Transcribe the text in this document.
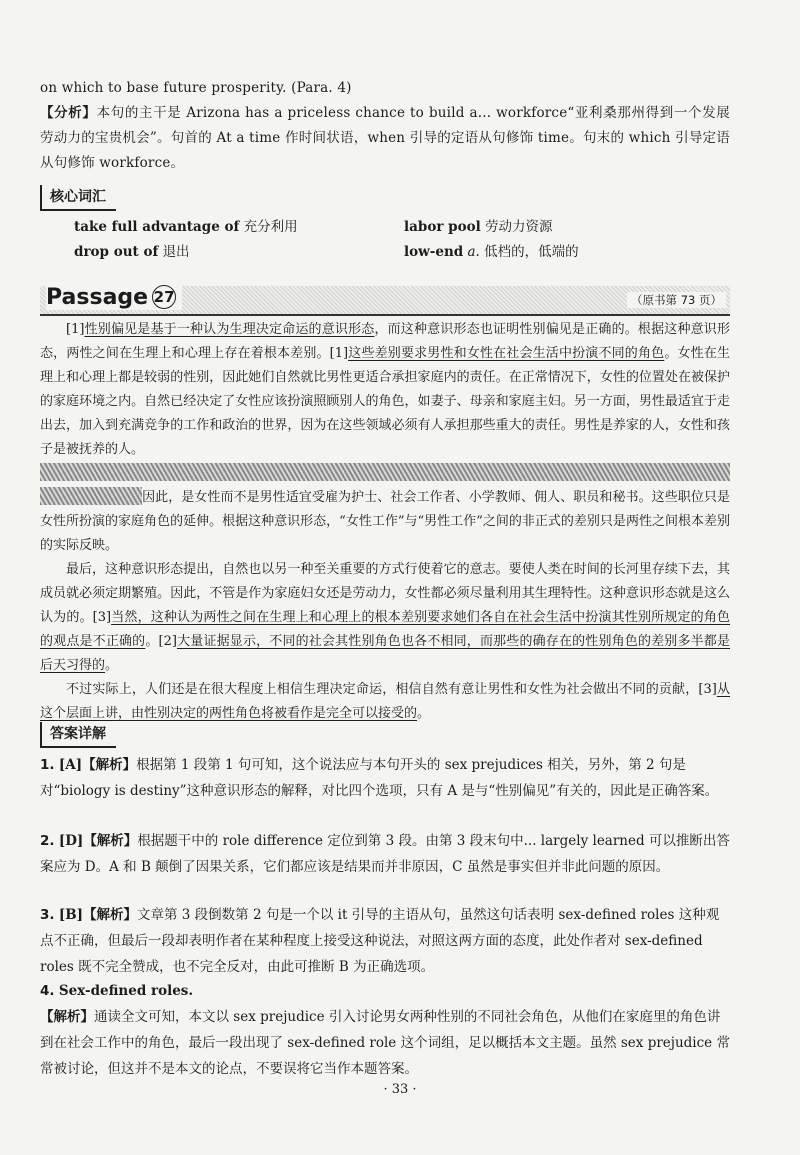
on which to base future prosperity. (Para. 4)

【分析】本句的主干是 Arizona has a priceless chance to build a... workforce“亚利桑那州得到一个发展劳动力的宝贵机会”。句首的 At a time 作时间状语，when 引导的定语从句修饰 time。句末的 which 引导定语从句修饰 workforce。

核心词汇
take full advantage of 充分利用	labor pool 劳动力资源
drop out of 退出	low-end a. 低档的，低端的
Passage 27	（原书第 73 页）

[1]性别偏见是基于一种认为生理决定命运的意识形态，而这种意识形态也证明性别偏见是正确的。根据这种意识形态，两性之间在生理上和心理上存在着根本差别。[1]这些差别要求男性和女性在社会生活中扮演不同的角色。女性在生理上和心理上都是较弱的性别，因此她们自然就比男性更适合承担家庭内的责任。在正常情况下，女性的位置处在被保护的家庭环境之内。自然已经决定了女性应该扮演照顾别人的角色，如妻子、母亲和家庭主妇。另一方面，男性最适宜于走出去，加入到充满竞争的工作和政治的世界，因为在这些领域必须有人承担那些重大的责任。男性是养家的人，女性和孩子是被抚养的人。

因此，是女性而不是男性适宜受雇为护士、社会工作者、小学教师、佣人、职员和秘书。这些职位只是女性所扮演的家庭角色的延伸。根据这种意识形态，“女性工作”与“男性工作”之间的非正式的差别只是两性之间根本差别的实际反映。

最后，这种意识形态提出，自然也以另一种至关重要的方式行使着它的意志。要使人类在时间的长河里存续下去，其成员就必须定期繁殖。因此，不管是作为家庭妇女还是劳动力，女性都必须尽量利用其生理特性。这种意识形态就是这么认为的。[3]当然，这种认为两性之间在生理上和心理上的根本差别要求她们各自在社会生活中扮演其性别所规定的角色的观点是不正确的。[2]大量证据显示，不同的社会其性别角色也各不相同，而那些的确存在的性别角色的差别多半都是后天习得的。

不过实际上，人们还是在很大程度上相信生理决定命运，相信自然有意让男性和女性为社会做出不同的贡献，[3]从这个层面上讲，由性别决定的两性角色将被看作是完全可以接受的。

答案详解

1. [A]【解析】根据第 1 段第 1 句可知，这个说法应与本句开头的 sex prejudices 相关，另外，第 2 句是对“biology is destiny”这种意识形态的解释，对比四个选项，只有 A 是与“性别偏见”有关的，因此是正确答案。

2. [D]【解析】根据题干中的 role difference 定位到第 3 段。由第 3 段末句中... largely learned 可以推断出答案应为 D。A 和 B 颠倒了因果关系，它们都应该是结果而并非原因，C 虽然是事实但并非此问题的原因。

3. [B]【解析】文章第 3 段倒数第 2 句是一个以 it 引导的主语从句，虽然这句话表明 sex-defined roles 这种观点不正确，但最后一段却表明作者在某种程度上接受这种说法，对照这两方面的态度，此处作者对 sex-defined roles 既不完全赞成，也不完全反对，由此可推断 B 为正确选项。

4. Sex-defined roles.

【解析】通读全文可知，本文以 sex prejudice 引入讨论男女两种性别的不同社会角色，从他们在家庭里的角色讲到在社会工作中的角色，最后一段出现了 sex-defined role 这个词组，足以概括本文主题。虽然 sex prejudice 常常被讨论，但这并不是本文的论点，不要误将它当作本题答案。

· 33 ·
